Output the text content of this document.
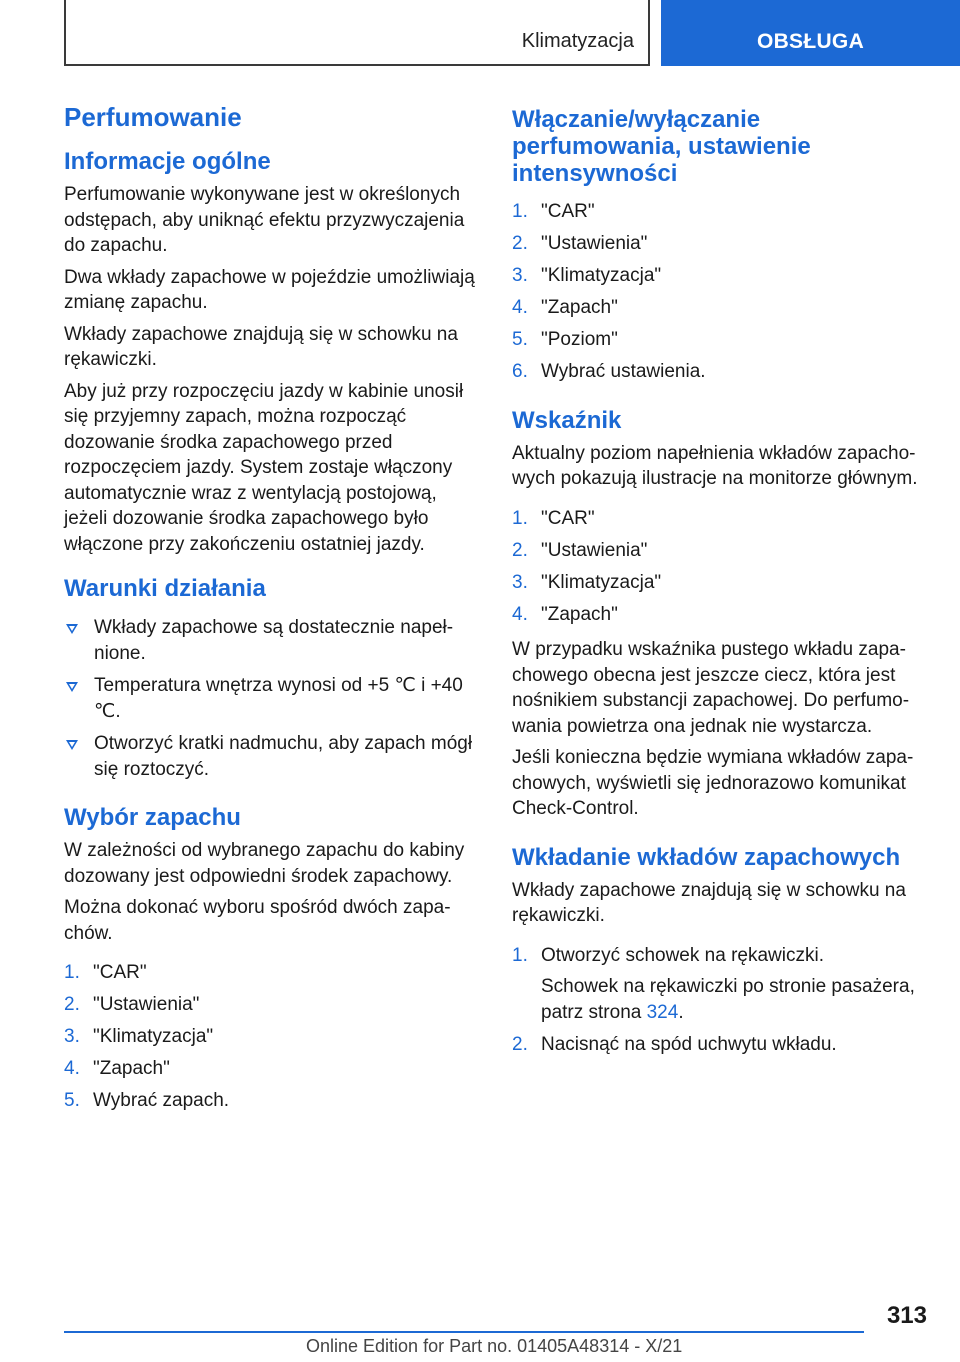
Klimatyzacja	OBSŁUGA
Perfumowanie
Informacje ogólne

Perfumowanie wykonywane jest w określonych odstępach, aby uniknąć efektu przyzwyczajenia do zapachu.

Dwa wkłady zapachowe w pojeździe umożliwiają zmianę zapachu.

Wkłady zapachowe znajdują się w schowku na rękawiczki.

Aby już przy rozpoczęciu jazdy w kabinie unosił się przyjemny zapach, można rozpocząć dozowanie środka zapachowego przed rozpoczęciem jazdy. System zostaje włączony automatycznie wraz z wentylacją postojową, jeżeli dozowanie środka zapachowego było włączone przy zakończeniu ostatniej jazdy.

Warunki działania
Wkłady zapachowe są dostatecznie napełnione.
Temperatura wnętrza wynosi od +5 ℃ i +40 ℃.
Otworzyć kratki nadmuchu, aby zapach mógł się roztoczyć.
Wybór zapachu

W zależności od wybranego zapachu do kabiny dozowany jest odpowiedni środek zapachowy.

Można dokonać wyboru spośród dwóch zapachów.

1. "CAR"
2. "Ustawienia"
3. "Klimatyzacja"
4. "Zapach"
5. Wybrać zapach.
Włączanie/wyłączanie perfumowania, ustawienie intensywności
1. "CAR"
2. "Ustawienia"
3. "Klimatyzacja"
4. "Zapach"
5. "Poziom"
6. Wybrać ustawienia.
Wskaźnik

Aktualny poziom napełnienia wkładów zapachowych pokazują ilustracje na monitorze głównym.

1. "CAR"
2. "Ustawienia"
3. "Klimatyzacja"
4. "Zapach"

W przypadku wskaźnika pustego wkładu zapachowego obecna jest jeszcze ciecz, która jest nośnikiem substancji zapachowej. Do perfumowania powietrza ona jednak nie wystarcza.

Jeśli konieczna będzie wymiana wkładów zapachowych, wyświetli się jednorazowo komunikat Check-Control.

Wkładanie wkładów zapachowych

Wkłady zapachowe znajdują się w schowku na rękawiczki.

1. Otworzyć schowek na rękawiczki.
Schowek na rękawiczki po stronie pasażera, patrz strona 324.
2. Nacisnąć na spód uchwytu wkładu.
313
Online Edition for Part no. 01405A48314 - X/21
